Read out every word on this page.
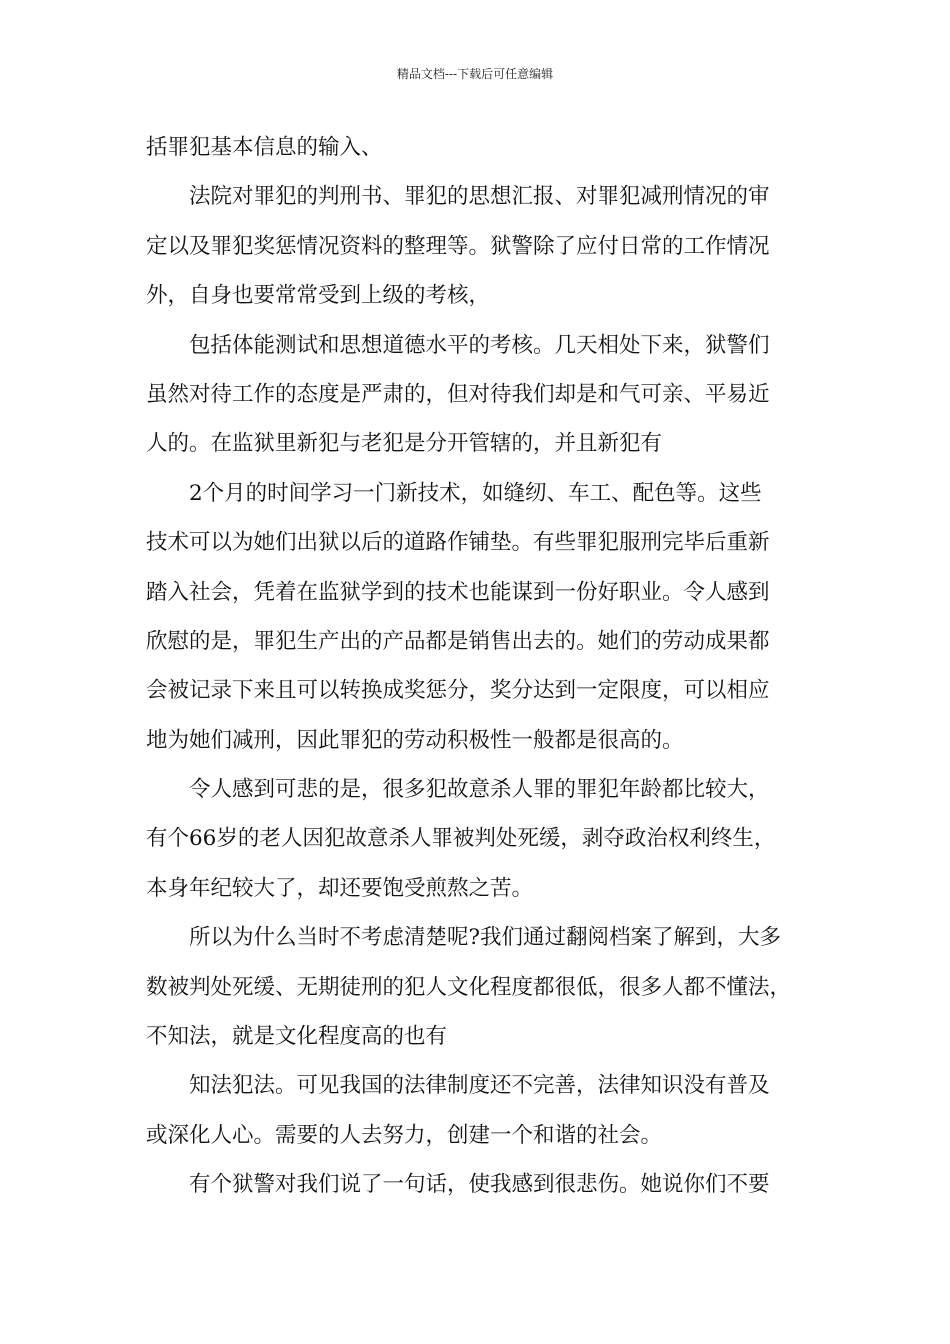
精品文档---下载后可任意编辑
括罪犯基本信息的输入、
法院对罪犯的判刑书、罪犯的思想汇报、对罪犯减刑情况的审
定以及罪犯奖惩情况资料的整理等。狱警除了应付日常的工作情况
外，自身也要常常受到上级的考核，
包括体能测试和思想道德水平的考核。几天相处下来，狱警们
虽然对待工作的态度是严肃的，但对待我们却是和气可亲、平易近
人的。在监狱里新犯与老犯是分开管辖的，并且新犯有
2个月的时间学习一门新技术，如缝纫、车工、配色等。这些
技术可以为她们出狱以后的道路作铺垫。有些罪犯服刑完毕后重新
踏入社会，凭着在监狱学到的技术也能谋到一份好职业。令人感到
欣慰的是，罪犯生产出的产品都是销售出去的。她们的劳动成果都
会被记录下来且可以转换成奖惩分，奖分达到一定限度，可以相应
地为她们减刑，因此罪犯的劳动积极性一般都是很高的。
令人感到可悲的是，很多犯故意杀人罪的罪犯年龄都比较大，
有个66岁的老人因犯故意杀人罪被判处死缓，剥夺政治权利终生，
本身年纪较大了，却还要饱受煎熬之苦。
所以为什么当时不考虑清楚呢?我们通过翻阅档案了解到，大多
数被判处死缓、无期徒刑的犯人文化程度都很低，很多人都不懂法，
不知法，就是文化程度高的也有
知法犯法。可见我国的法律制度还不完善，法律知识没有普及
或深化人心。需要的人去努力，创建一个和谐的社会。
有个狱警对我们说了一句话，使我感到很悲伤。她说你们不要
